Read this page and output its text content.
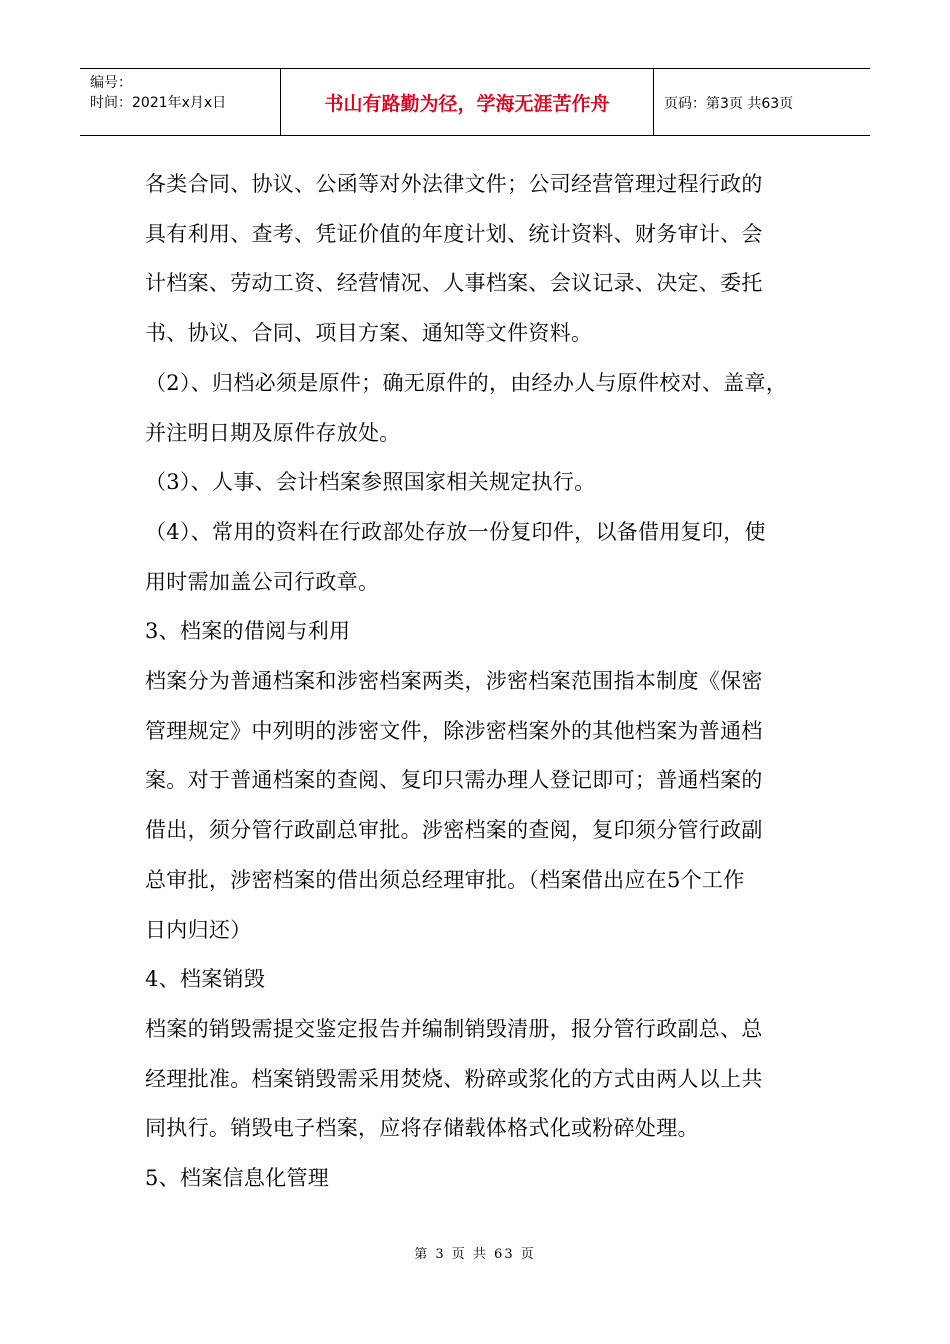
编号：
时间：2021年x月x日	书山有路勤为径，学海无涯苦作舟	页码：第3页 共63页

各类合同、协议、公函等对外法律文件；公司经营管理过程行政的

具有利用、查考、凭证价值的年度计划、统计资料、财务审计、会

计档案、劳动工资、经营情况、人事档案、会议记录、决定、委托

书、协议、合同、项目方案、通知等文件资料。

（2）、归档必须是原件；确无原件的，由经办人与原件校对、盖章，

并注明日期及原件存放处。

（3）、人事、会计档案参照国家相关规定执行。

（4）、常用的资料在行政部处存放一份复印件，以备借用复印，使

用时需加盖公司行政章。

3、档案的借阅与利用

档案分为普通档案和涉密档案两类，涉密档案范围指本制度《保密

管理规定》中列明的涉密文件，除涉密档案外的其他档案为普通档

案。对于普通档案的查阅、复印只需办理人登记即可；普通档案的

借出，须分管行政副总审批。涉密档案的查阅，复印须分管行政副

总审批，涉密档案的借出须总经理审批。（档案借出应在5个工作

日内归还）

4、档案销毁

档案的销毁需提交鉴定报告并编制销毁清册，报分管行政副总、总

经理批准。档案销毁需采用焚烧、粉碎或浆化的方式由两人以上共

同执行。销毁电子档案，应将存储载体格式化或粉碎处理。

5、档案信息化管理

第 3 页 共 63 页
